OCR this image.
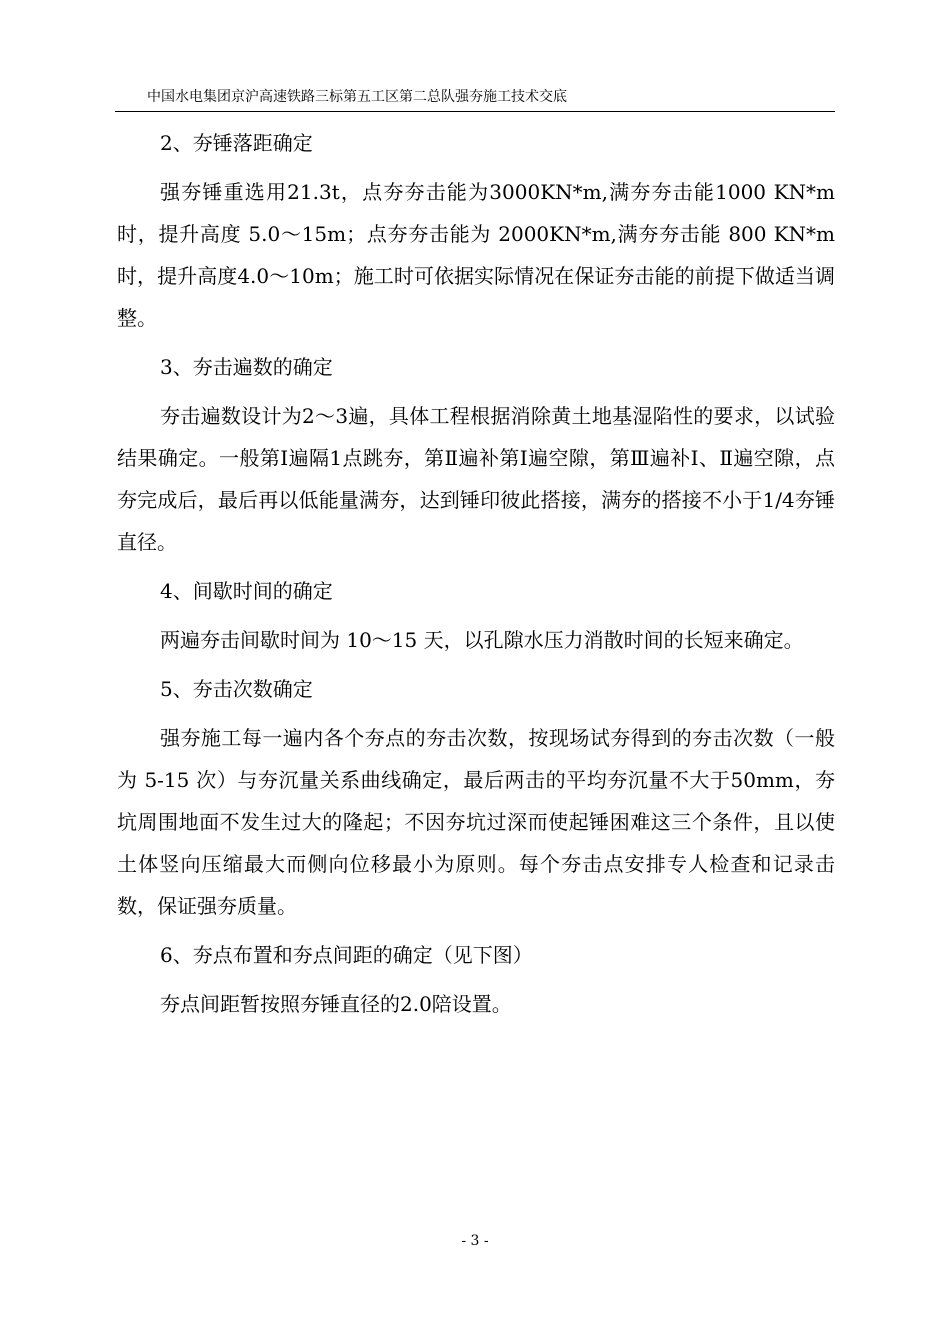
中国水电集团京沪高速铁路三标第五工区第二总队强夯施工技术交底

2、夯锤落距确定

强夯锤重选用21.3t，点夯夯击能为3000KN*m,满夯夯击能1000 KN*m时，提升高度 5.0～15m；点夯夯击能为 2000KN*m,满夯夯击能 800 KN*m时，提升高度4.0～10m；施工时可依据实际情况在保证夯击能的前提下做适当调整。

3、夯击遍数的确定

夯击遍数设计为2～3遍，具体工程根据消除黄土地基湿陷性的要求，以试验结果确定。一般第Ⅰ遍隔1点跳夯，第Ⅱ遍补第Ⅰ遍空隙，第Ⅲ遍补Ⅰ、Ⅱ遍空隙，点夯完成后，最后再以低能量满夯，达到锤印彼此搭接，满夯的搭接不小于1/4夯锤直径。

4、间歇时间的确定

两遍夯击间歇时间为 10～15 天，以孔隙水压力消散时间的长短来确定。

5、夯击次数确定

强夯施工每一遍内各个夯点的夯击次数，按现场试夯得到的夯击次数（一般为 5-15 次）与夯沉量关系曲线确定，最后两击的平均夯沉量不大于50mm，夯坑周围地面不发生过大的隆起；不因夯坑过深而使起锤困难这三个条件，且以使土体竖向压缩最大而侧向位移最小为原则。每个夯击点安排专人检查和记录击数，保证强夯质量。

6、夯点布置和夯点间距的确定（见下图）

夯点间距暂按照夯锤直径的2.0陪设置。

- 3 -
